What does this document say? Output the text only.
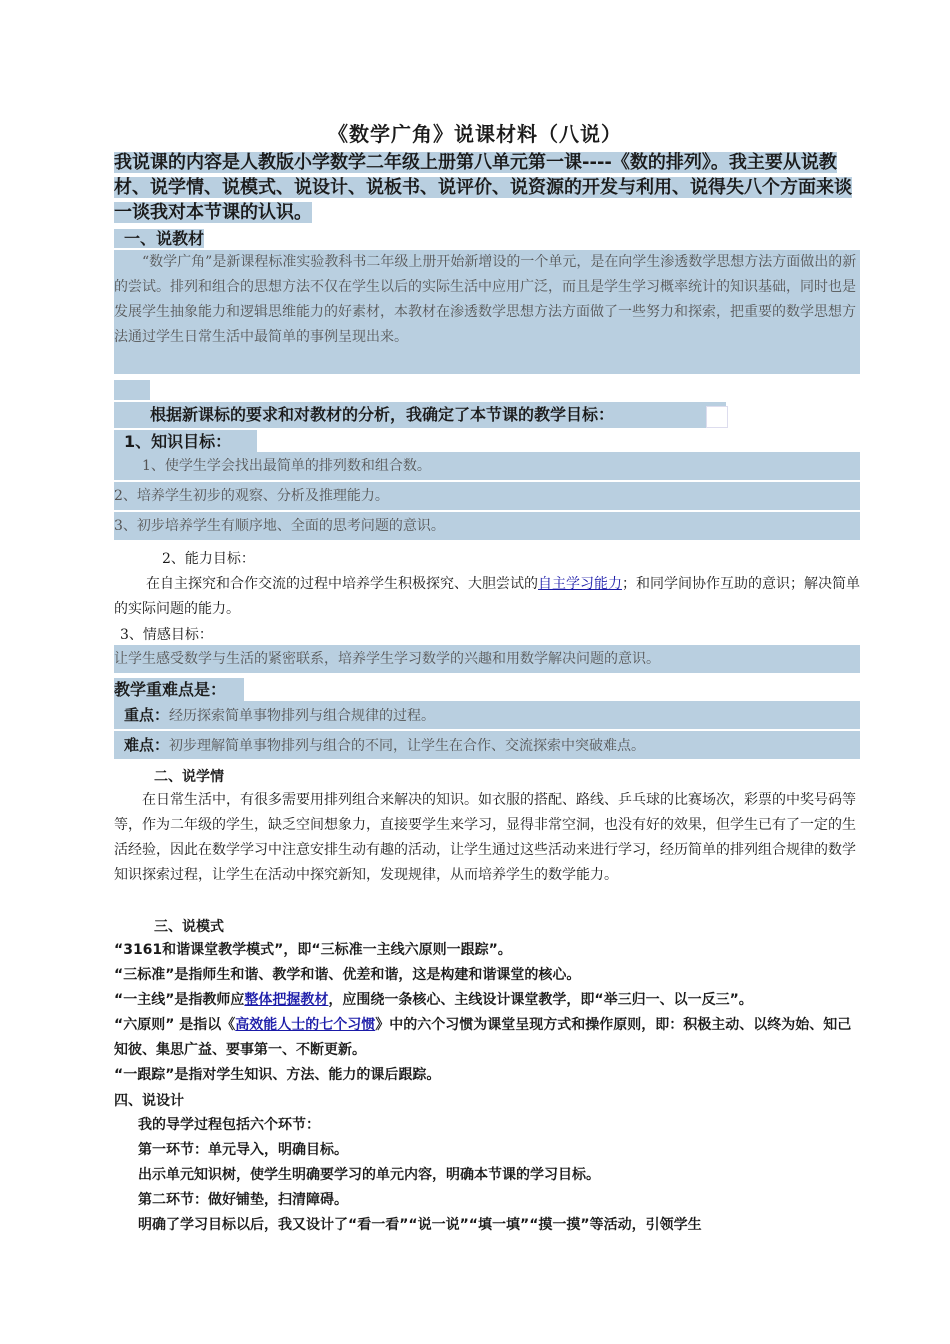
《数学广角》说课材料（八说）
我说课的内容是人教版小学数学二年级上册第八单元第一课----《数的排列》。我主要从说教材、说学情、说模式、说设计、说板书、说评价、说资源的开发与利用、说得失八个方面来谈一谈我对本节课的认识。
一、说教材
“数学广角”是新课程标准实验教科书二年级上册开始新增设的一个单元，是在向学生渗透数学思想方法方面做出的新的尝试。排列和组合的思想方法不仅在学生以后的实际生活中应用广泛，而且是学生学习概率统计的知识基础，同时也是发展学生抽象能力和逻辑思维能力的好素材，本教材在渗透数学思想方法方面做了一些努力和探索，把重要的数学思想方法通过学生日常生活中最简单的事例呈现出来。
根据新课标的要求和对教材的分析，我确定了本节课的教学目标：
1、知识目标：
1、使学生学会找出最简单的排列数和组合数。
2、培养学生初步的观察、分析及推理能力。
3、初步培养学生有顺序地、全面的思考问题的意识。
2、能力目标：
在自主探究和合作交流的过程中培养学生积极探究、大胆尝试的自主学习能力；和同学间协作互助的意识；解决简单的实际问题的能力。
3、情感目标：
让学生感受数学与生活的紧密联系，培养学生学习数学的兴趣和用数学解决问题的意识。
教学重难点是：
重点：经历探索简单事物排列与组合规律的过程。
难点：初步理解简单事物排列与组合的不同，让学生在合作、交流探索中突破难点。
二、说学情
在日常生活中，有很多需要用排列组合来解决的知识。如衣服的搭配、路线、乒乓球的比赛场次，彩票的中奖号码等等，作为二年级的学生，缺乏空间想象力，直接要学生来学习，显得非常空洞，也没有好的效果，但学生已有了一定的生活经验，因此在数学学习中注意安排生动有趣的活动，让学生通过这些活动来进行学习，经历简单的排列组合规律的数学知识探索过程，让学生在活动中探究新知，发现规律，从而培养学生的数学能力。
三、说模式
“3161和谐课堂教学模式”，即“三标准一主线六原则一跟踪”。
“三标准”是指师生和谐、教学和谐、优差和谐，这是构建和谐课堂的核心。
“一主线”是指教师应整体把握教材，应围绕一条核心、主线设计课堂教学，即“举三归一、以一反三”。
“六原则” 是指以《高效能人士的七个习惯》中的六个习惯为课堂呈现方式和操作原则，即：积极主动、以终为始、知己知彼、集思广益、要事第一、不断更新。
“一跟踪”是指对学生知识、方法、能力的课后跟踪。
四、说设计
我的导学过程包括六个环节：
第一环节：单元导入，明确目标。
出示单元知识树，使学生明确要学习的单元内容，明确本节课的学习目标。
第二环节：做好铺垫，扫清障碍。
明确了学习目标以后，我又设计了“看一看”“说一说”“填一填”“摸一摸”等活动，引领学生
